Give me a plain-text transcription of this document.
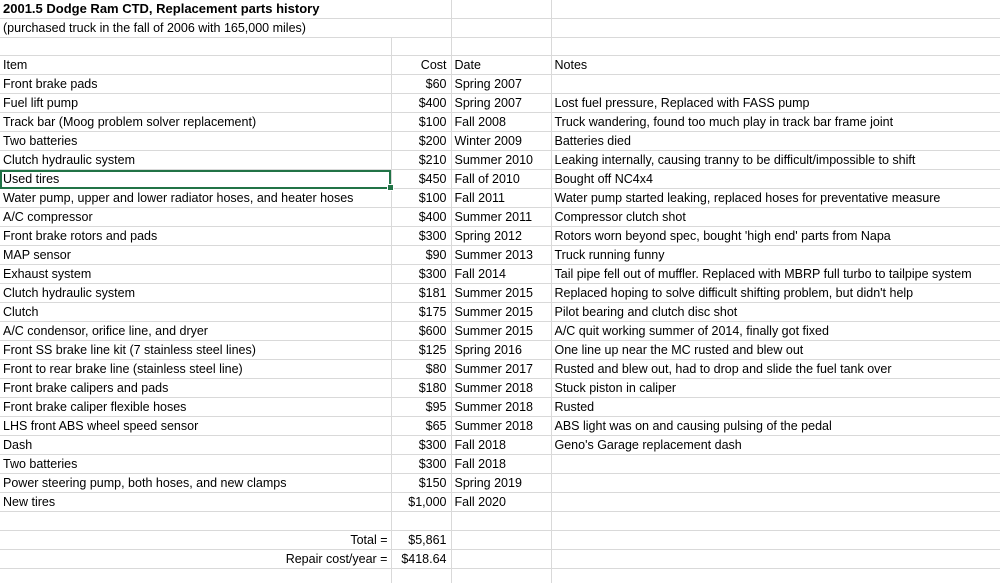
2001.5 Dodge Ram CTD, Replacement parts history			
(purchased truck in the fall of 2006 with 165,000 miles)			

Item	Cost	Date	Notes
Front brake pads	$60	Spring 2007	
Fuel lift pump	$400	Spring 2007	Lost fuel pressure, Replaced with FASS pump
Track bar (Moog problem solver replacement)	$100	Fall 2008	Truck wandering, found too much play in track bar frame joint
Two batteries	$200	Winter 2009	Batteries died
Clutch hydraulic system	$210	Summer 2010	Leaking internally, causing tranny to be difficult/impossible to shift
Used tires	$450	Fall of 2010	Bought off NC4x4
Water pump, upper and lower radiator hoses, and heater hoses	$100	Fall 2011	Water pump started leaking, replaced hoses for preventative measure
A/C compressor	$400	Summer 2011	Compressor clutch shot
Front brake rotors and pads	$300	Spring 2012	Rotors worn beyond spec, bought 'high end' parts from Napa
MAP sensor	$90	Summer 2013	Truck running funny
Exhaust system	$300	Fall 2014	Tail pipe fell out of muffler. Replaced with MBRP full turbo to tailpipe system
Clutch hydraulic system	$181	Summer 2015	Replaced hoping to solve difficult shifting problem, but didn't help
Clutch	$175	Summer 2015	Pilot bearing and clutch disc shot
A/C condensor, orifice line, and dryer	$600	Summer 2015	A/C quit working summer of 2014, finally got fixed
Front SS brake line kit (7 stainless steel lines)	$125	Spring 2016	One line up near the MC rusted and blew out
Front to rear brake line (stainless steel line)	$80	Summer 2017	Rusted and blew out, had to drop and slide the fuel tank over
Front brake calipers and pads	$180	Summer 2018	Stuck piston in caliper
Front brake caliper flexible hoses	$95	Summer 2018	Rusted
LHS front ABS wheel speed sensor	$65	Summer 2018	ABS light was on and causing pulsing of the pedal
Dash	$300	Fall 2018	Geno's Garage replacement dash
Two batteries	$300	Fall 2018	
Power steering pump, both hoses, and new clamps	$150	Spring 2019	
New tires	$1,000	Fall 2020	

Total =	$5,861		
Repair cost/year =	$418.64		
